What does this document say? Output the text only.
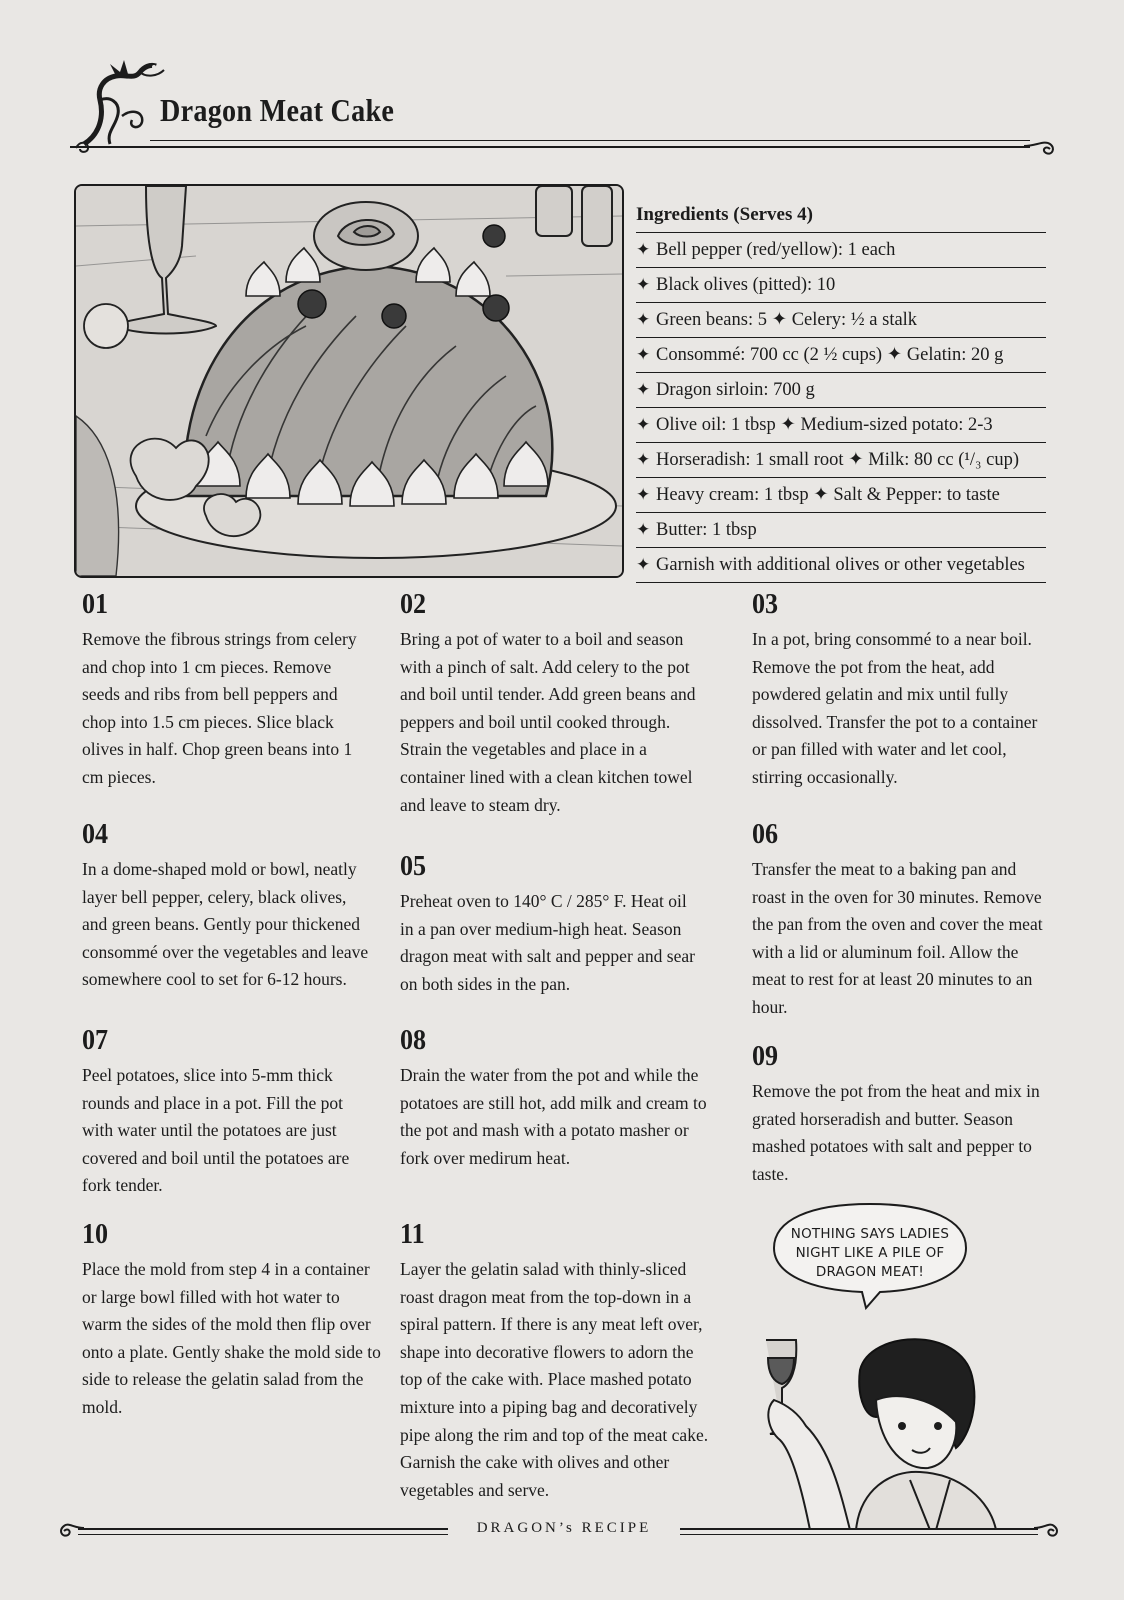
Dragon Meat Cake
Ingredients (Serves 4)
✦ Bell pepper (red/yellow): 1 each
✦ Black olives (pitted): 10
✦ Green beans: 5 ✦ Celery: ½ a stalk
✦ Consommé: 700 cc (2 ½ cups) ✦ Gelatin: 20 g
✦ Dragon sirloin: 700 g
✦ Olive oil: 1 tbsp ✦ Medium-sized potato: 2-3
✦ Horseradish: 1 small root ✦ Milk: 80 cc (¹/₃ cup)
✦ Heavy cream: 1 tbsp ✦ Salt & Pepper: to taste
✦ Butter: 1 tbsp
✦ Garnish with additional olives or other vegetables
01
Remove the fibrous strings from celery and chop into 1 cm pieces. Remove seeds and ribs from bell peppers and chop into 1.5 cm pieces. Slice black olives in half. Chop green beans into 1 cm pieces.
04
In a dome-shaped mold or bowl, neatly layer bell pepper, celery, black olives, and green beans. Gently pour thickened consommé over the vegetables and leave somewhere cool to set for 6-12 hours.
07
Peel potatoes, slice into 5-mm thick rounds and place in a pot. Fill the pot with water until the potatoes are just covered and boil until the potatoes are fork tender.
10
Place the mold from step 4 in a container or large bowl filled with hot water to warm the sides of the mold then flip over onto a plate. Gently shake the mold side to side to release the gelatin salad from the mold.
02
Bring a pot of water to a boil and season with a pinch of salt. Add celery to the pot and boil until tender. Add green beans and peppers and boil until cooked through. Strain the vegetables and place in a container lined with a clean kitchen towel and leave to steam dry.
05
Preheat oven to 140° C / 285° F. Heat oil in a pan over medium-high heat. Season dragon meat with salt and pepper and sear on both sides in the pan.
08
Drain the water from the pot and while the potatoes are still hot, add milk and cream to the pot and mash with a potato masher or fork over medirum heat.
11
Layer the gelatin salad with thinly-sliced roast dragon meat from the top-down in a spiral pattern. If there is any meat left over, shape into decorative flowers to adorn the top of the cake with. Place mashed potato mixture into a piping bag and decoratively pipe along the rim and top of the meat cake. Garnish the cake with olives and other vegetables and serve.
03
In a pot, bring consommé to a near boil. Remove the pot from the heat, add powdered gelatin and mix until fully dissolved. Transfer the pot to a container or pan filled with water and let cool, stirring occasionally.
06
Transfer the meat to a baking pan and roast in the oven for 30 minutes. Remove the pan from the oven and cover the meat with a lid or aluminum foil. Allow the meat to rest for at least 20 minutes to an hour.
09
Remove the pot from the heat and mix in grated horseradish and butter. Season mashed potatoes with salt and pepper to taste.
NOTHING SAYS LADIES NIGHT LIKE A PILE OF DRAGON MEAT!
DRAGON’s RECIPE
